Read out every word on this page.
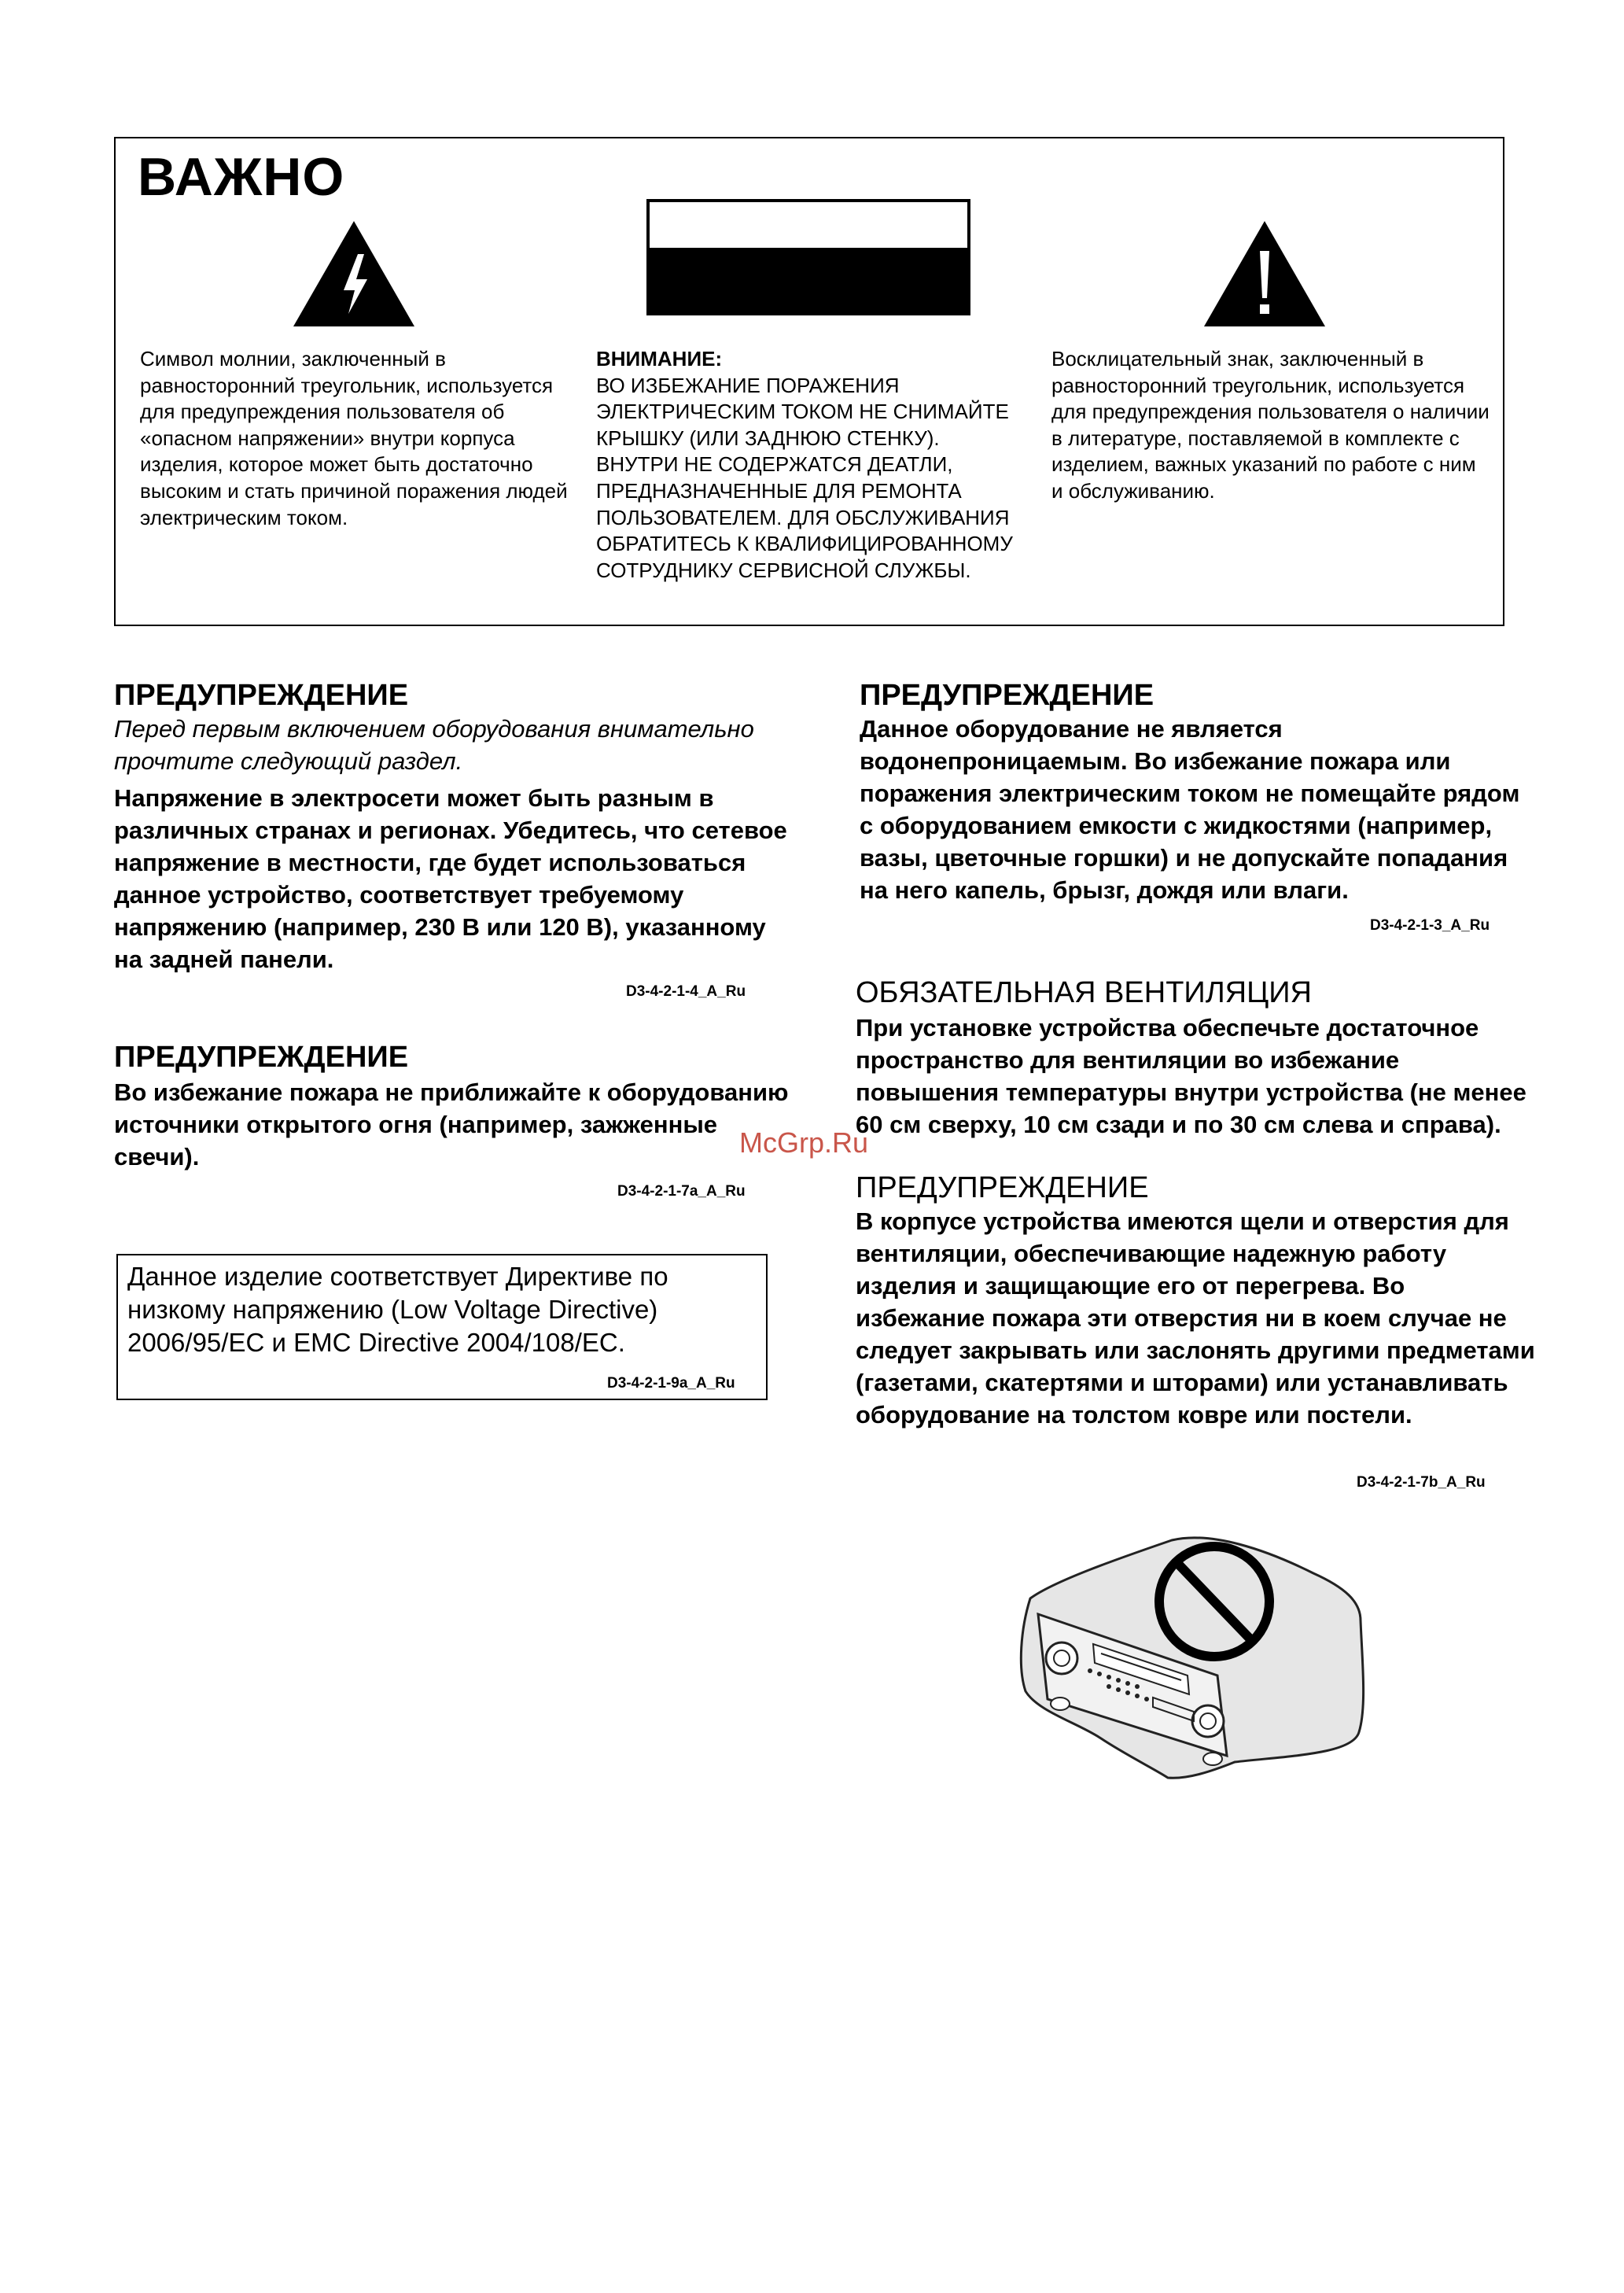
ВАЖНО
Символ молнии, заключенный в равносторонний треугольник, используется для предупреждения пользователя об «опасном напряжении» внутри корпуса изделия, которое может быть достаточно высоким и стать причиной поражения людей электрическим током.
ВНИМАНИЕ:
ВО ИЗБЕЖАНИЕ ПОРАЖЕНИЯ ЭЛЕКТРИЧЕСКИМ ТОКОМ НЕ СНИМАЙТЕ КРЫШКУ (ИЛИ ЗАДНЮЮ СТЕНКУ). ВНУТРИ НЕ СОДЕРЖАТСЯ ДЕАТЛИ, ПРЕДНАЗНАЧЕННЫЕ ДЛЯ РЕМОНТА ПОЛЬЗОВАТЕЛЕМ. ДЛЯ ОБСЛУЖИВАНИЯ ОБРАТИТЕСЬ К КВАЛИФИЦИРОВАННОМУ СОТРУДНИКУ СЕРВИСНОЙ СЛУЖБЫ.
Восклицательный знак, заключенный в равносторонний треугольник, используется для предупреждения пользователя о наличии в литературе, поставляемой в комплекте с изделием, важных указаний по работе с ним и обслуживанию.
ПРЕДУПРЕЖДЕНИЕ
Перед первым включением оборудования внимательно прочтите следующий раздел.
Напряжение в электросети может быть разным в различных странах и регионах. Убедитесь, что сетевое напряжение в местности, где будет использоваться данное устройство, соответствует требуемому напряжению (например, 230 В или 120 В), указанному на задней панели.
D3-4-2-1-4_A_Ru
ПРЕДУПРЕЖДЕНИЕ
Во избежание пожара не приближайте к оборудованию источники открытого огня (например, зажженные свечи).
D3-4-2-1-7a_A_Ru
Данное изделие соответствует Директиве по низкому напряжению (Low Voltage Directive) 2006/95/EC и EMC Directive 2004/108/EC.
D3-4-2-1-9a_A_Ru
ПРЕДУПРЕЖДЕНИЕ
Данное оборудование не является водонепроницаемым. Во избежание пожара или поражения электрическим током не помещайте рядом с оборудованием емкости с жидкостями (например, вазы, цветочные горшки) и не допускайте попадания на него капель, брызг, дождя или влаги.
D3-4-2-1-3_A_Ru
ОБЯЗАТЕЛЬНАЯ ВЕНТИЛЯЦИЯ
При установке устройства обеспечьте достаточное пространство для вентиляции во избежание повышения температуры внутри устройства (не менее 60 см сверху, 10 см сзади и по 30 см слева и справа).
McGrp.Ru
ПРЕДУПРЕЖДЕНИЕ
В корпусе устройства имеются щели и отверстия для вентиляции, обеспечивающие надежную работу изделия и защищающие его от перегрева. Во избежание пожара эти отверстия ни в коем случае не следует закрывать или заслонять другими предметами (газетами, скатертями и шторами) или устанавливать оборудование на толстом ковре или постели.
D3-4-2-1-7b_A_Ru
